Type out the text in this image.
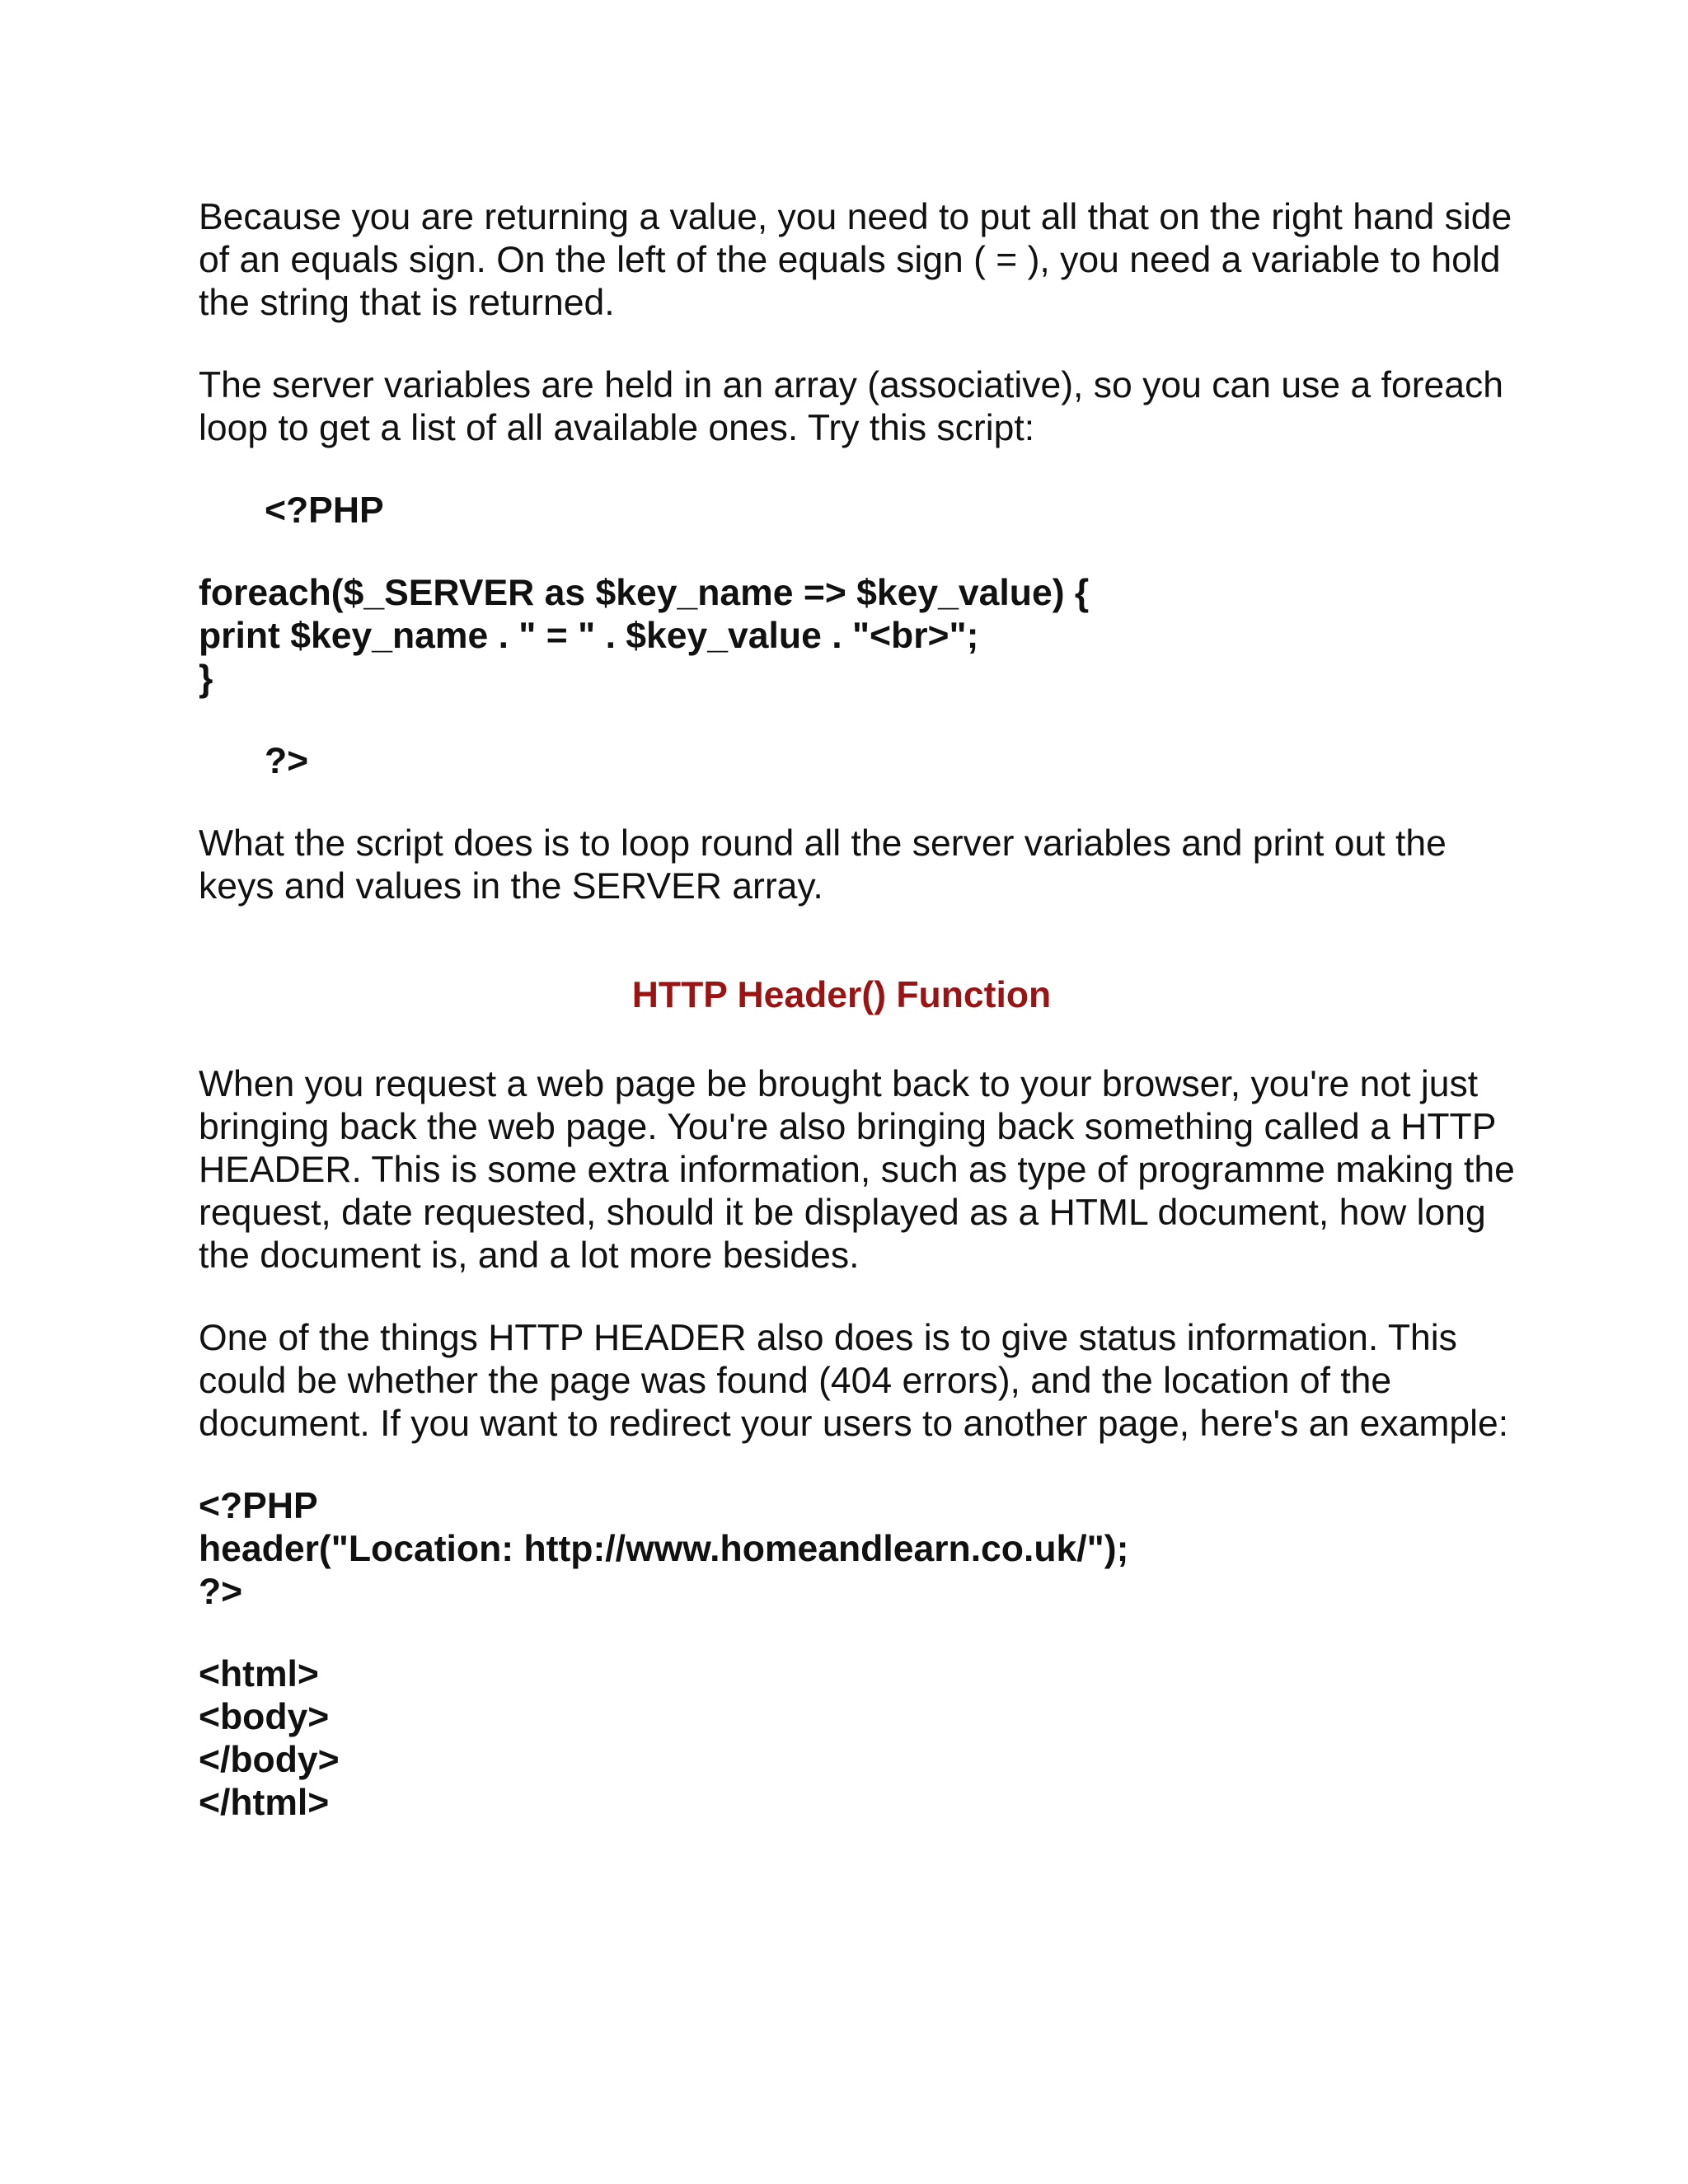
Because you are returning a value, you need to put all that on the right hand side of an equals sign. On the left of the equals sign ( = ), you need a variable to hold the string that is returned.

The server variables are held in an array (associative), so you can use a foreach loop to get a list of all available ones. Try this script:

<?PHP
foreach($_SERVER as $key_name => $key_value) {
print $key_name . " = " . $key_value . "<br>";
}
?>

What the script does is to loop round all the server variables and print out the keys and values in the SERVER array.

HTTP Header() Function

When you request a web page be brought back to your browser, you're not just bringing back the web page. You're also bringing back something called a HTTP HEADER. This is some extra information, such as type of programme making the request, date requested, should it be displayed as a HTML document, how long the document is, and a lot more besides.

One of the things HTTP HEADER also does is to give status information. This could be whether the page was found (404 errors), and the location of the document. If you want to redirect your users to another page, here's an example:

<?PHP
header("Location: http://www.homeandlearn.co.uk/");
?>
<html>
<body>
</body>
</html>
